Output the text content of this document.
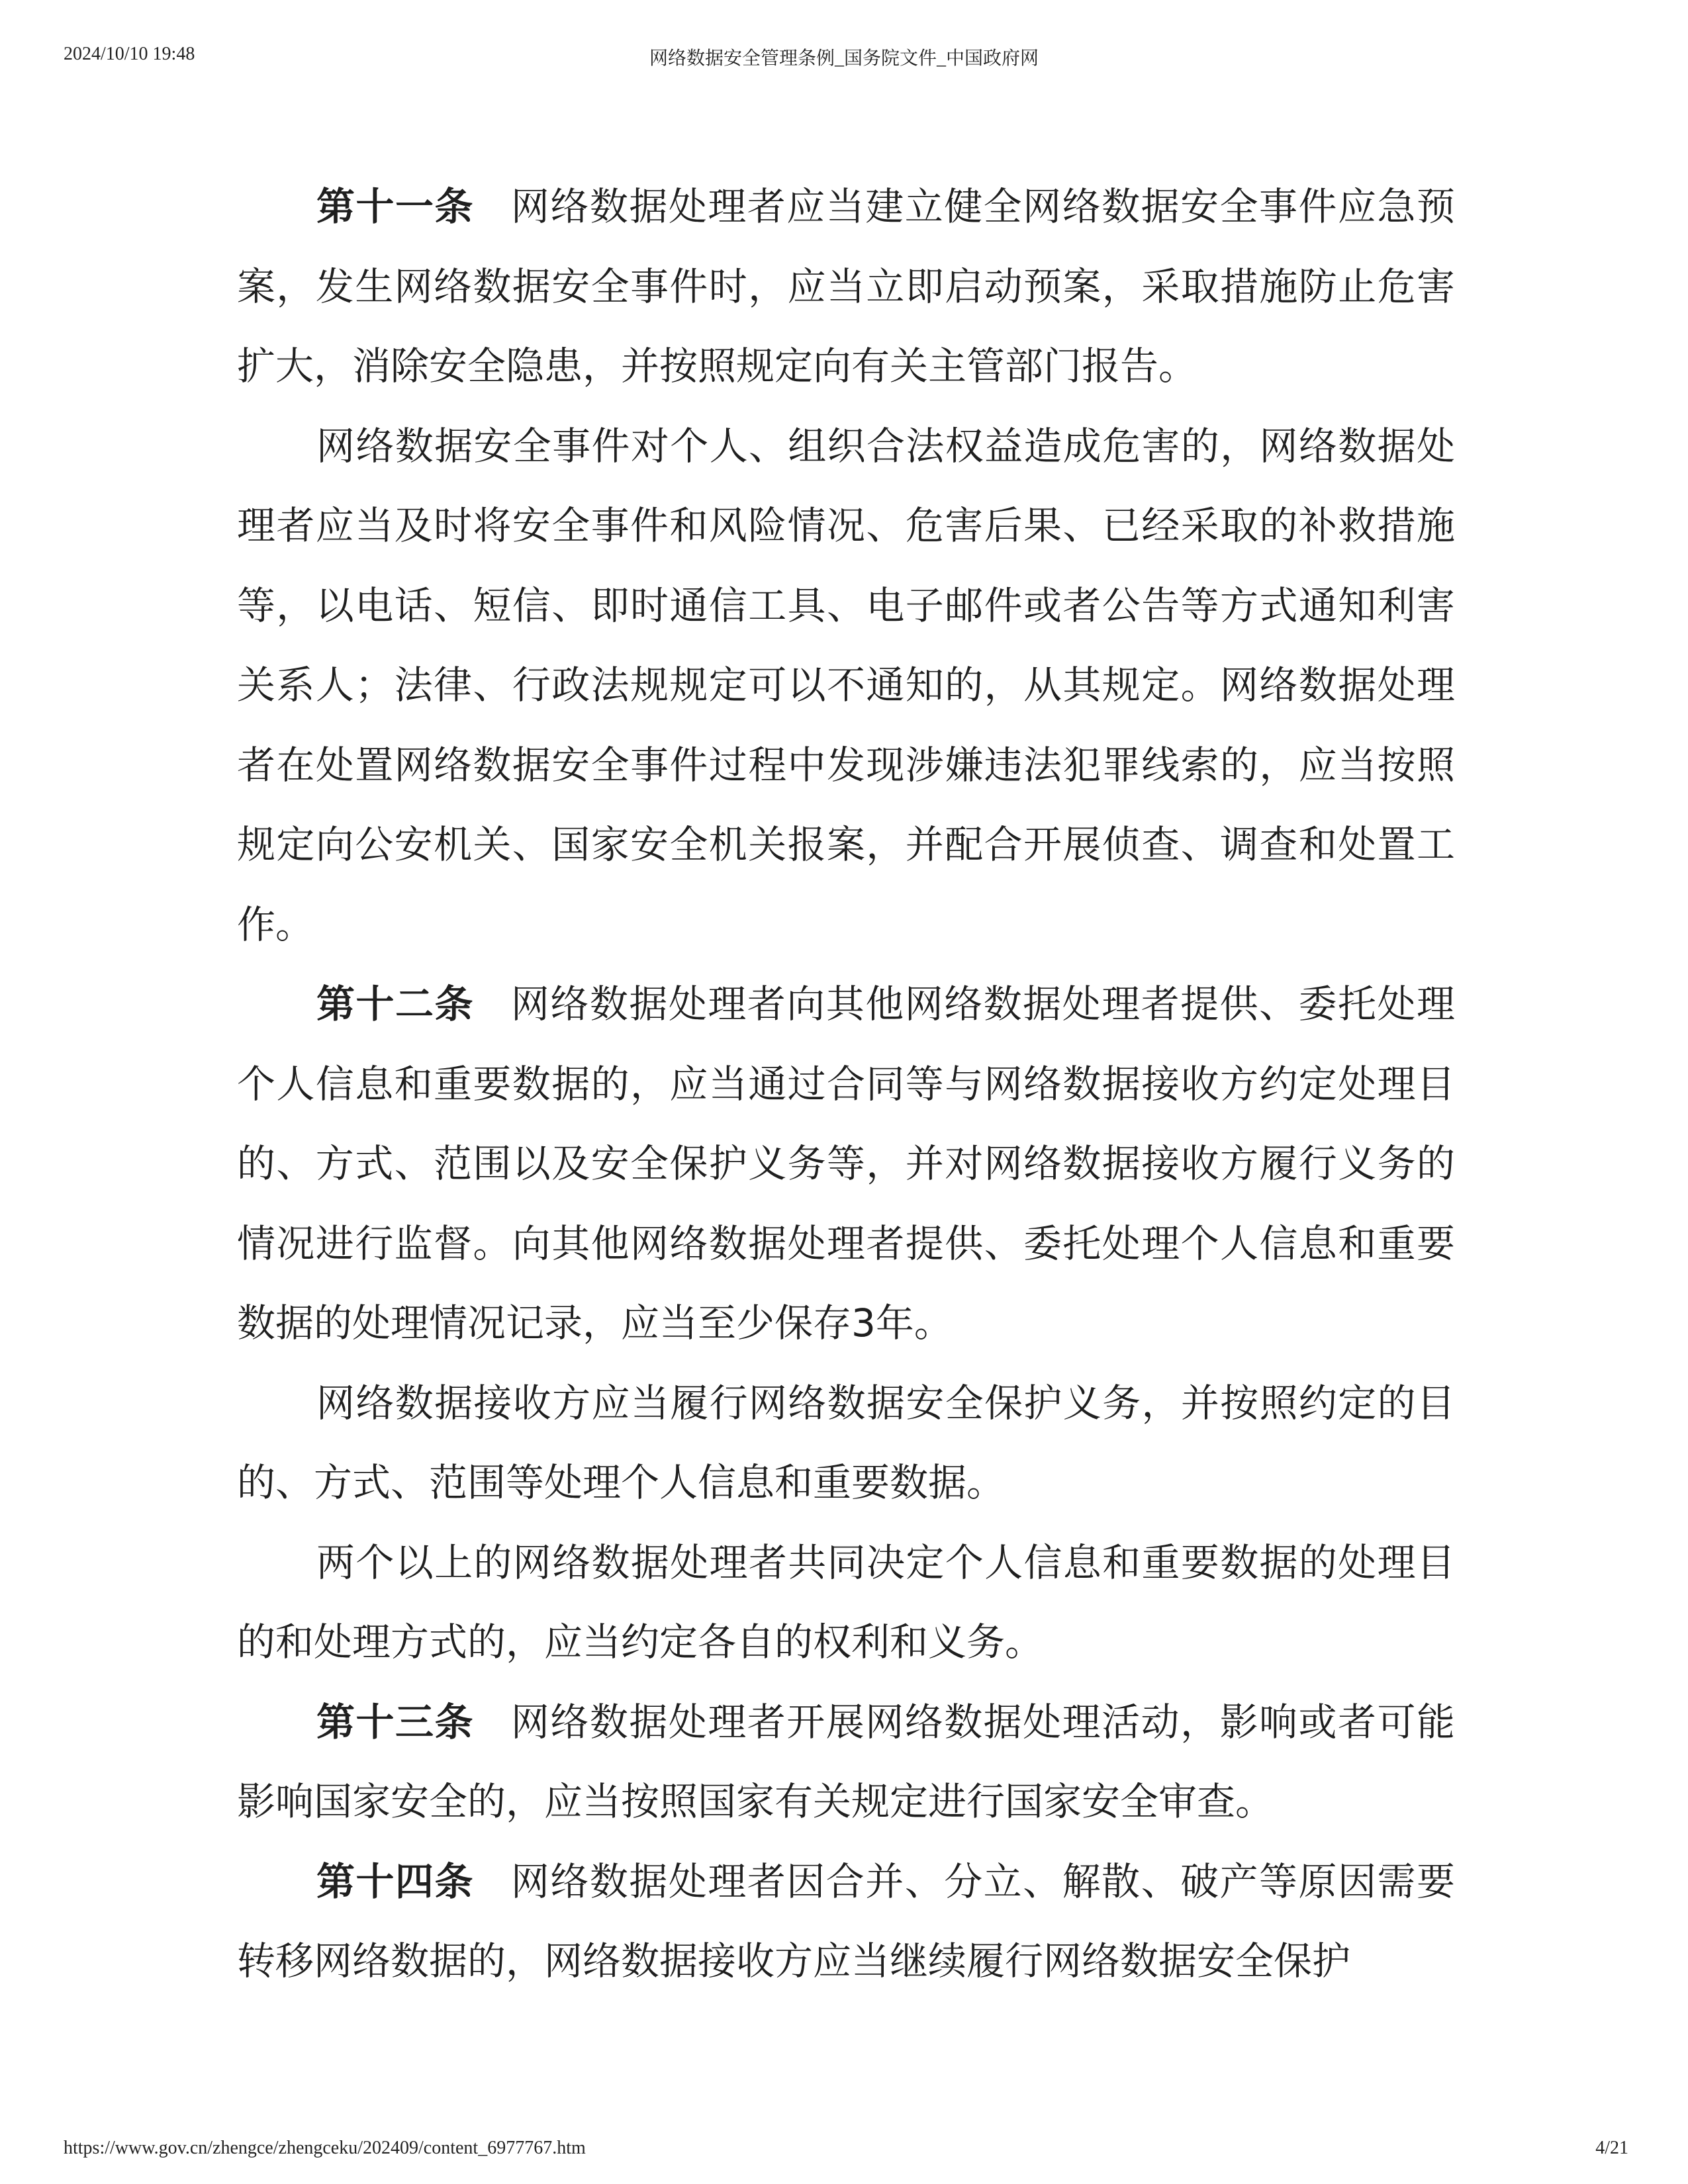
2024/10/10 19:48	网络数据安全管理条例_国务院文件_中国政府网

第十一条 网络数据处理者应当建立健全网络数据安全事件应急预案，发生网络数据安全事件时，应当立即启动预案，采取措施防止危害扩大，消除安全隐患，并按照规定向有关主管部门报告。

网络数据安全事件对个人、组织合法权益造成危害的，网络数据处理者应当及时将安全事件和风险情况、危害后果、已经采取的补救措施等，以电话、短信、即时通信工具、电子邮件或者公告等方式通知利害关系人；法律、行政法规规定可以不通知的，从其规定。网络数据处理者在处置网络数据安全事件过程中发现涉嫌违法犯罪线索的，应当按照规定向公安机关、国家安全机关报案，并配合开展侦查、调查和处置工作。

第十二条 网络数据处理者向其他网络数据处理者提供、委托处理个人信息和重要数据的，应当通过合同等与网络数据接收方约定处理目的、方式、范围以及安全保护义务等，并对网络数据接收方履行义务的情况进行监督。向其他网络数据处理者提供、委托处理个人信息和重要数据的处理情况记录，应当至少保存3年。

网络数据接收方应当履行网络数据安全保护义务，并按照约定的目的、方式、范围等处理个人信息和重要数据。

两个以上的网络数据处理者共同决定个人信息和重要数据的处理目的和处理方式的，应当约定各自的权利和义务。

第十三条 网络数据处理者开展网络数据处理活动，影响或者可能影响国家安全的，应当按照国家有关规定进行国家安全审查。

第十四条 网络数据处理者因合并、分立、解散、破产等原因需要转移网络数据的，网络数据接收方应当继续履行网络数据安全保护

https://www.gov.cn/zhengce/zhengceku/202409/content_6977767.htm	4/21
